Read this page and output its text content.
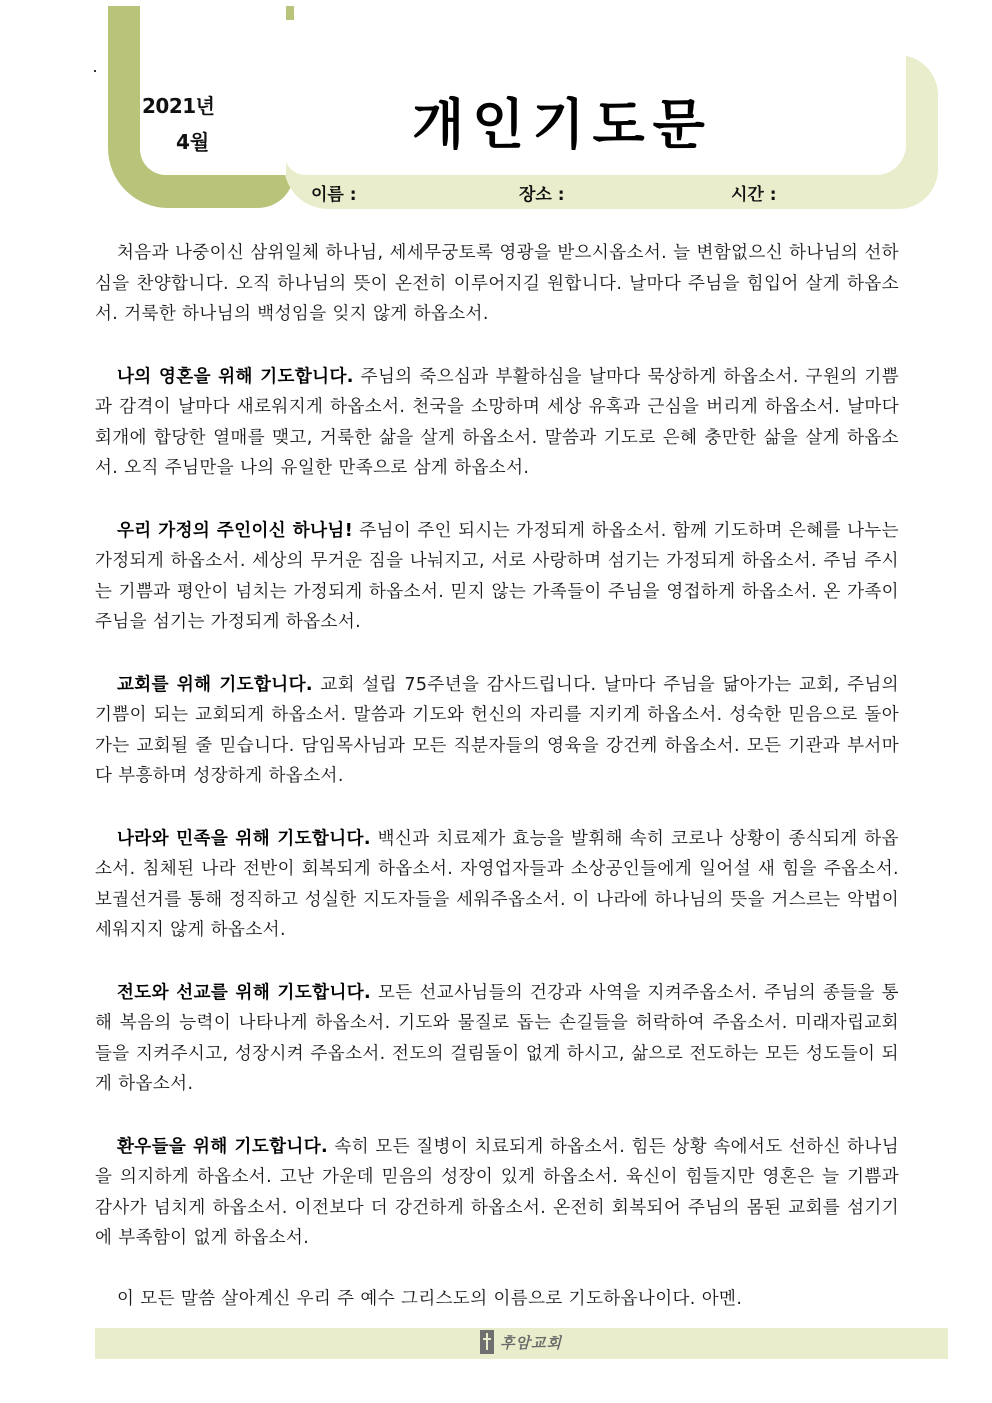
2021년
4월	개인기도문
이름 :	장소 :	시간 :

처음과 나중이신 삼위일체 하나님, 세세무궁토록 영광을 받으시옵소서. 늘 변함없으신 하나님의 선하심을 찬양합니다. 오직 하나님의 뜻이 온전히 이루어지길 원합니다. 날마다 주님을 힘입어 살게 하옵소서. 거룩한 하나님의 백성임을 잊지 않게 하옵소서.

나의 영혼을 위해 기도합니다. 주님의 죽으심과 부활하심을 날마다 묵상하게 하옵소서. 구원의 기쁨과 감격이 날마다 새로워지게 하옵소서. 천국을 소망하며 세상 유혹과 근심을 버리게 하옵소서. 날마다 회개에 합당한 열매를 맺고, 거룩한 삶을 살게 하옵소서. 말씀과 기도로 은혜 충만한 삶을 살게 하옵소서. 오직 주님만을 나의 유일한 만족으로 삼게 하옵소서.

우리 가정의 주인이신 하나님! 주님이 주인 되시는 가정되게 하옵소서. 함께 기도하며 은혜를 나누는 가정되게 하옵소서. 세상의 무거운 짐을 나눠지고, 서로 사랑하며 섬기는 가정되게 하옵소서. 주님 주시는 기쁨과 평안이 넘치는 가정되게 하옵소서. 믿지 않는 가족들이 주님을 영접하게 하옵소서. 온 가족이 주님을 섬기는 가정되게 하옵소서.

교회를 위해 기도합니다. 교회 설립 75주년을 감사드립니다. 날마다 주님을 닮아가는 교회, 주님의 기쁨이 되는 교회되게 하옵소서. 말씀과 기도와 헌신의 자리를 지키게 하옵소서. 성숙한 믿음으로 돌아가는 교회될 줄 믿습니다. 담임목사님과 모든 직분자들의 영육을 강건케 하옵소서. 모든 기관과 부서마다 부흥하며 성장하게 하옵소서.

나라와 민족을 위해 기도합니다. 백신과 치료제가 효능을 발휘해 속히 코로나 상황이 종식되게 하옵소서. 침체된 나라 전반이 회복되게 하옵소서. 자영업자들과 소상공인들에게 일어설 새 힘을 주옵소서. 보궐선거를 통해 정직하고 성실한 지도자들을 세워주옵소서. 이 나라에 하나님의 뜻을 거스르는 악법이 세워지지 않게 하옵소서.

전도와 선교를 위해 기도합니다. 모든 선교사님들의 건강과 사역을 지켜주옵소서. 주님의 종들을 통해 복음의 능력이 나타나게 하옵소서. 기도와 물질로 돕는 손길들을 허락하여 주옵소서. 미래자립교회들을 지켜주시고, 성장시켜 주옵소서. 전도의 걸림돌이 없게 하시고, 삶으로 전도하는 모든 성도들이 되게 하옵소서.

환우들을 위해 기도합니다. 속히 모든 질병이 치료되게 하옵소서. 힘든 상황 속에서도 선하신 하나님을 의지하게 하옵소서. 고난 가운데 믿음의 성장이 있게 하옵소서. 육신이 힘들지만 영혼은 늘 기쁨과 감사가 넘치게 하옵소서. 이전보다 더 강건하게 하옵소서. 온전히 회복되어 주님의 몸된 교회를 섬기기에 부족함이 없게 하옵소서.

이 모든 말씀 살아계신 우리 주 예수 그리스도의 이름으로 기도하옵나이다. 아멘.

후암교회
